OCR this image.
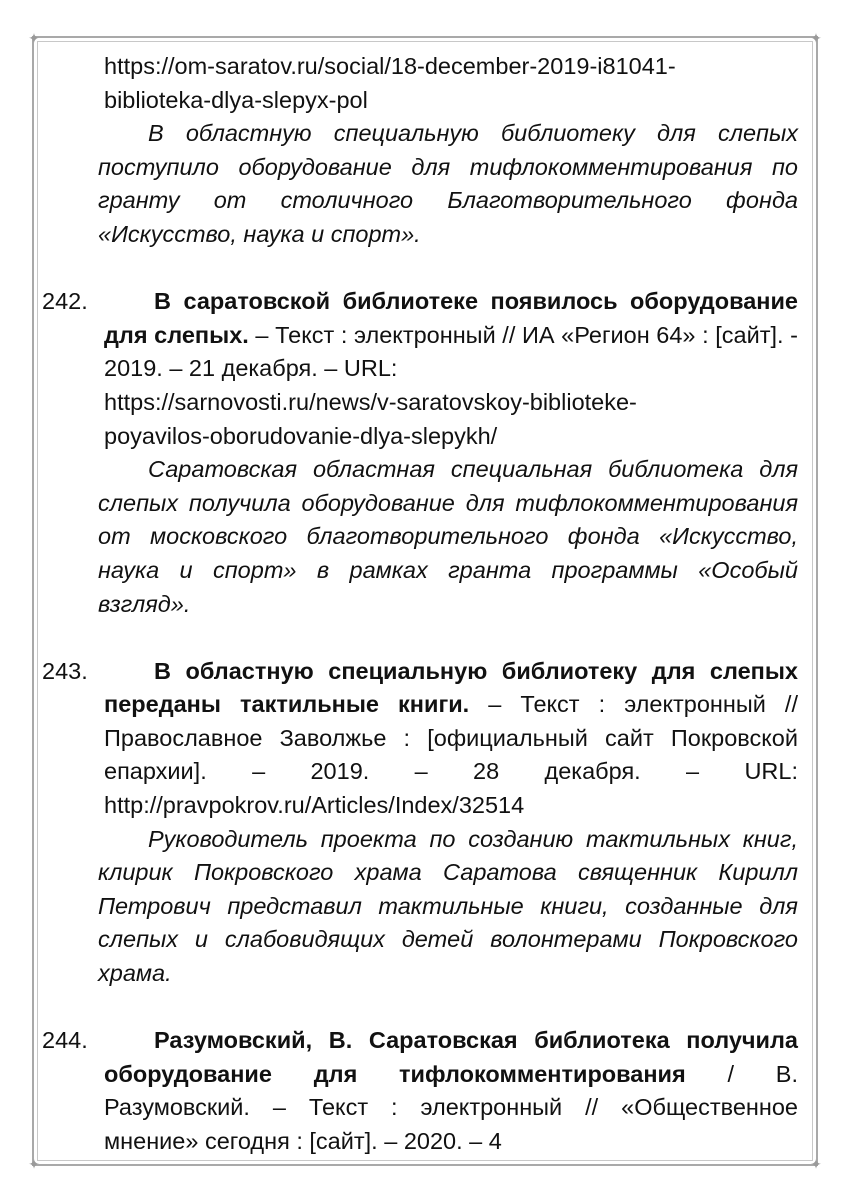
✦	✦
✦	✦
https://om-saratov.ru/social/18-december-2019-i81041-
biblioteka-dlya-slepyx-pol

В областную специальную библиотеку для слепых поступило оборудование для тифлокомментирования по гранту от столичного Благотворительного фонда «Искусство, наука и спорт».

242.	В саратовской библиотеке появилось оборудование для слепых. – Текст : электронный // ИА «Регион 64» : [сайт]. - 2019. – 21 декабря. – URL:
https://sarnovosti.ru/news/v-saratovskoy-biblioteke-
poyavilos-oborudovanie-dlya-slepykh/

Саратовская областная специальная библиотека для слепых получила оборудование для тифлокомментирования от московского благотворительного фонда «Искусство, наука и спорт» в рамках гранта программы «Особый взгляд».

243.	В областную специальную библиотеку для слепых переданы тактильные книги. – Текст : электронный // Православное Заволжье : [официальный сайт Покровской епархии]. – 2019. – 28 декабря. – URL: http://pravpokrov.ru/Articles/Index/32514

Руководитель проекта по созданию тактильных книг, клирик Покровского храма Саратова священник Кирилл Петрович представил тактильные книги, созданные для слепых и слабовидящих детей волонтерами Покровского храма.

244.	Разумовский, В. Саратовская библиотека получила оборудование для тифлокомментирования / В. Разумовский. – Текст : электронный // «Общественное мнение» сегодня : [сайт]. – 2020. – 4
